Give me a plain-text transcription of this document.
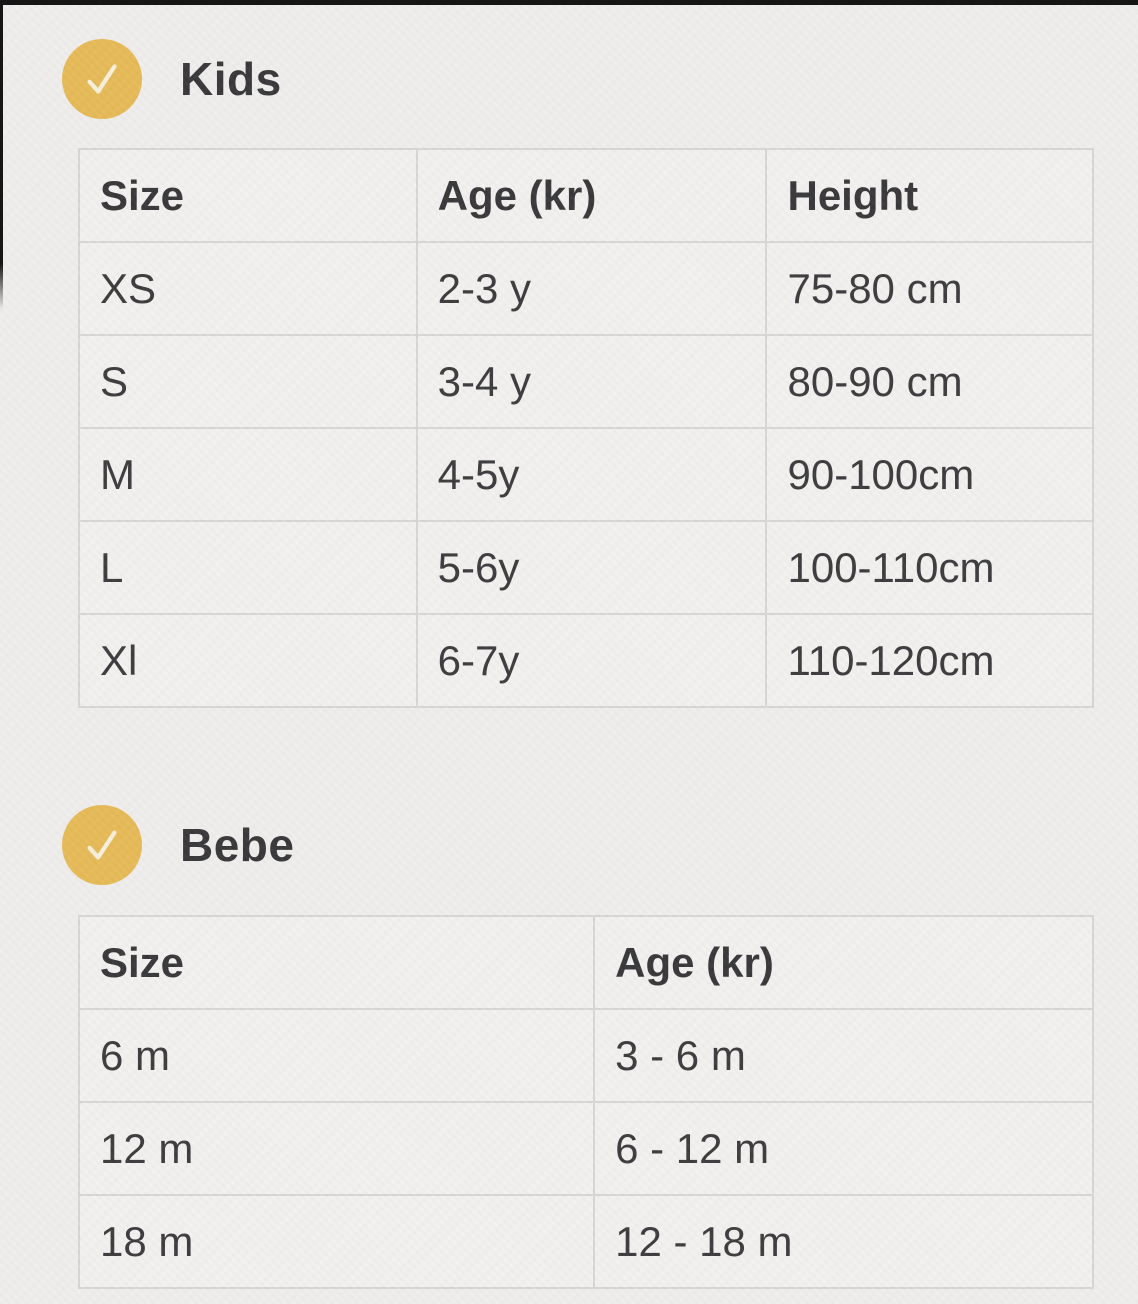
Kids
Size	Age (kr)	Height
XS	2-3 y	75-80 cm
S	3-4 y	80-90 cm
M	4-5y	90-100cm
L	5-6y	100-110cm
Xl	6-7y	110-120cm
Bebe
Size	Age (kr)
6 m	3 - 6 m
12 m	6 - 12 m
18 m	12 - 18 m
